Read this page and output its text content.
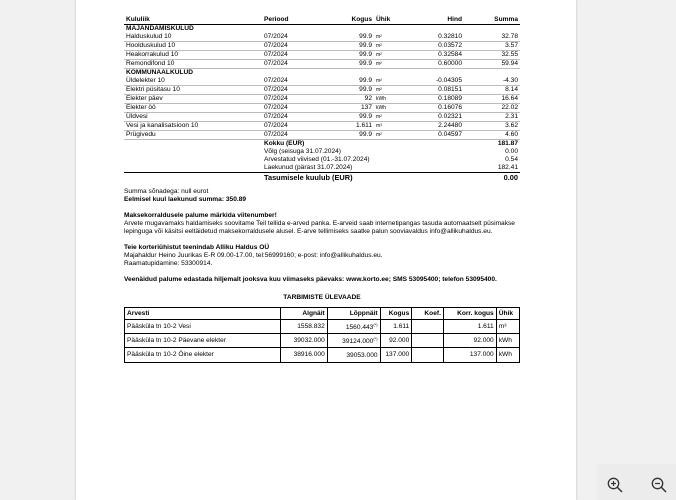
Kululiik	Periood	Kogus	Ühik	Hind	Summa
MAJANDAMISKULUD					
Halduskulud 10	07/2024	99.9	m²	0.32810	32.78
Hoolduskulud 10	07/2024	99.9	m²	0.03572	3.57
Heakorrakulud 10	07/2024	99.9	m²	0.32584	32.55
Remondifond 10	07/2024	99.9	m²	0.60000	59.94
KOMMUNAALKULUD					
Üldelekter 10	07/2024	99.9	m²	-0.04305	-4.30
Elektri püsitasu 10	07/2024	99.9	m²	0.08151	8.14
Elekter päev	07/2024	92	kWh	0.18089	16.64
Elekter öö	07/2024	137	kWh	0.16076	22.02
Üldvesi	07/2024	99.9	m²	0.02321	2.31
Vesi ja kanalisatsioon 10	07/2024	1.611	m³	2.24480	3.62
Prügivedu	07/2024	99.9	m²	0.04597	4.60
	Kokku (EUR)				181.87
	Võlg (seisuga 31.07.2024)				0.00
	Arvestatud viivised (01.-31.07.2024)				0.54
	Laekunud (pärast 31.07.2024)				182.41
	Tasumisele kuulub (EUR)				0.00
Summa sõnadega: null eurot
Eelmisel kuul laekunud summa: 350.89
Maksekorraldusele palume märkida viitenumber!
Arvete mugavamaks haldamiseks soovitame Teil tellida e-arved panka. E-arveid saab internetipangas tasuda automaatselt püsimakse lepinguga või käsitsi eeltäidetud maksekorraldusele alusel. E-arve tellimiseks saatke palun sooviavaldus info@allikuhaldus.eu.
Teie korteriühistut teenindab Alliku Haldus OÜ
Majahaldur Heino Juurikas E-R 09.00-17.00, tel:56999160; e-post: info@allikuhaldus.eu.
Raamatupidamine: 53300914.
Veenäidud palume edastada hiljemalt jooksva kuu viimaseks päevaks: www.korto.ee; SMS 53095400; telefon 53095400.
TARBIMISTE ÜLEVAADE
Arvesti	Algnäit	Lõppnäit	Kogus	Koef.	Korr. kogus	Ühik
Pääsküla tn 10-2 Vesi	1558.832	1560.443(*)	1.611		1.611	m³
Pääsküla tn 10-2 Päevane elekter	39032.000	39124.000(*)	92.000		92.000	kWh
Pääsküla tn 10-2 Öine elekter	38916.000	39053.000	137.000		137.000	kWh
